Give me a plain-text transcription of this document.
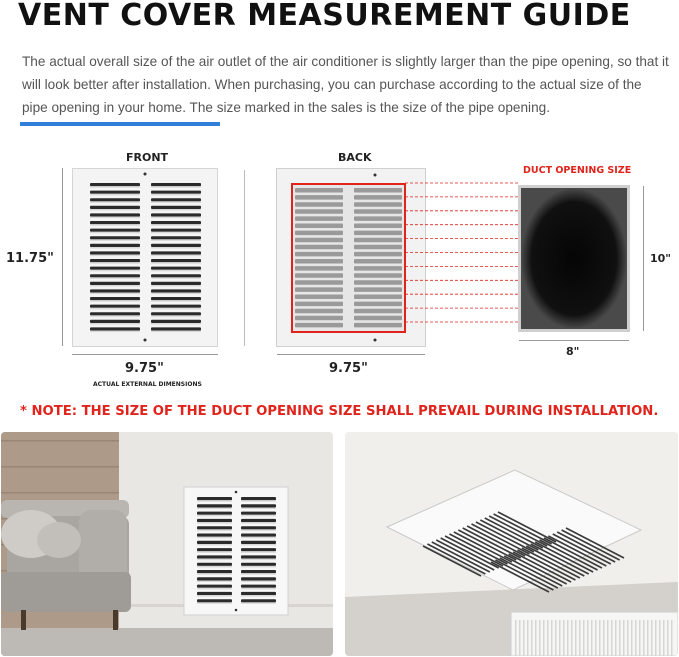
VENT COVER MEASUREMENT GUIDE

The actual overall size of the air outlet of the air conditioner is slightly larger than the pipe opening, so that it will look better after installation. When purchasing, you can purchase according to the actual size of the pipe opening in your home. The size marked in the sales is the size of the pipe opening.

FRONT
11.75"
9.75"
ACTUAL EXTERNAL DIMENSIONS
BACK
9.75"
DUCT OPENING SIZE
10"
8"

* NOTE: THE SIZE OF THE DUCT OPENING SIZE SHALL PREVAIL DURING INSTALLATION.
